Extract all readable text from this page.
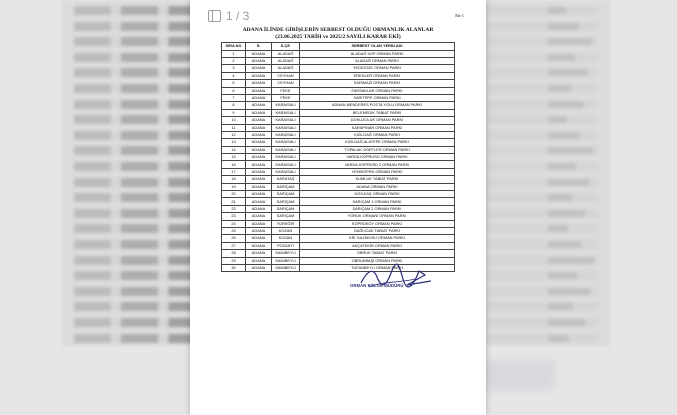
1 / 3	Ek-1
ADANA İLİNDE GİRİŞLERİN SERBEST OLDUĞU ORMANLIK ALANLAR
(23.06.2025 TARİH ve 2025/2 SAYILI KARAR EKİ)
SIRA NO	İL	İLÇE	SERBEST OLAN YERİN ADI
1	ADANA	ALADAĞ	ALADAĞ KÜP ORMAN PARKI
2	ADANA	ALADAĞ	ALADAĞ ORMAN PARKI
3	ADANA	ALADAĞ	YEDİGÖZE ORMAN PARKI
4	ADANA	CEYHAN	ERENLER ORMAN PARKI
5	ADANA	CEYHAN	SARIMAZI ORMAN PARKI
6	ADANA	FEKE	FARSAKLAR ORMAN PARKI
7	ADANA	FEKE	SARITEPE ORMAN PARKI
8	ADANA	KARAİSALI	ADNAN MENDERES POSTA YOLU ORMAN PARKI
9	ADANA	KARAİSALI	BELEMEDİK TABİAT PARKI
10	ADANA	KARAİSALI	DOKUZOLUK ORMAN PARKI
11	ADANA	KARAİSALI	KARAPINAR ORMAN PARKI
12	ADANA	KARAİSALI	KIZILDAĞ ORMAN PARKI
13	ADANA	KARAİSALI	KIZILDAĞ ALATEPE ORMAN PARKI
14	ADANA	KARAİSALI	TOPALAK GÖRTLER ORMAN PARKI
15	ADANA	KARAİSALI	VARDA KÖPRÜSÜ ORMAN PARKI
16	ADANA	KARAİSALI	VARDA KÖPRÜSÜ 2 ORMAN PARKI
17	ADANA	KARAİSALI	YENİKÖPRÜ ORMAN PARKI
18	ADANA	KARATAŞ	KUMLUK TABİAT PARKI
19	ADANA	SARIÇAM	ADANA ORMAN PARKI
20	ADANA	SARIÇAM	KIZILKAŞ ORMAN PARKI
21	ADANA	SARIÇAM	SARIÇAM 1 ORMAN PARKI
22	ADANA	SARIÇAM	SARIÇAM 2 ORMAN PARKI
23	ADANA	SARIÇAM	YÖRÜK ORMANI ORMAN PARKI
24	ADANA	YÜREĞİR	KÖPRÜKÖY ORMAN PARKI
25	ADANA	KOZAN	DAĞLICAK TABİAT PARKI
26	ADANA	KOZAN	KRİ GAZİNOSU ORMAN PARKI
27	ADANA	POZANTI	AKÇATEKİR ORMAN PARKI
28	ADANA	SAİMBEYLİ	OBRUK TABİAT PARKI
29	ADANA	SAİMBEYLİ	OBRUKBAŞI ORMAN PARKI
30	ADANA	SAİMBEYLİ	TUFANBEYLİ ORMAN PARKI
ORMAN BÖLGE MÜDÜRÜ
